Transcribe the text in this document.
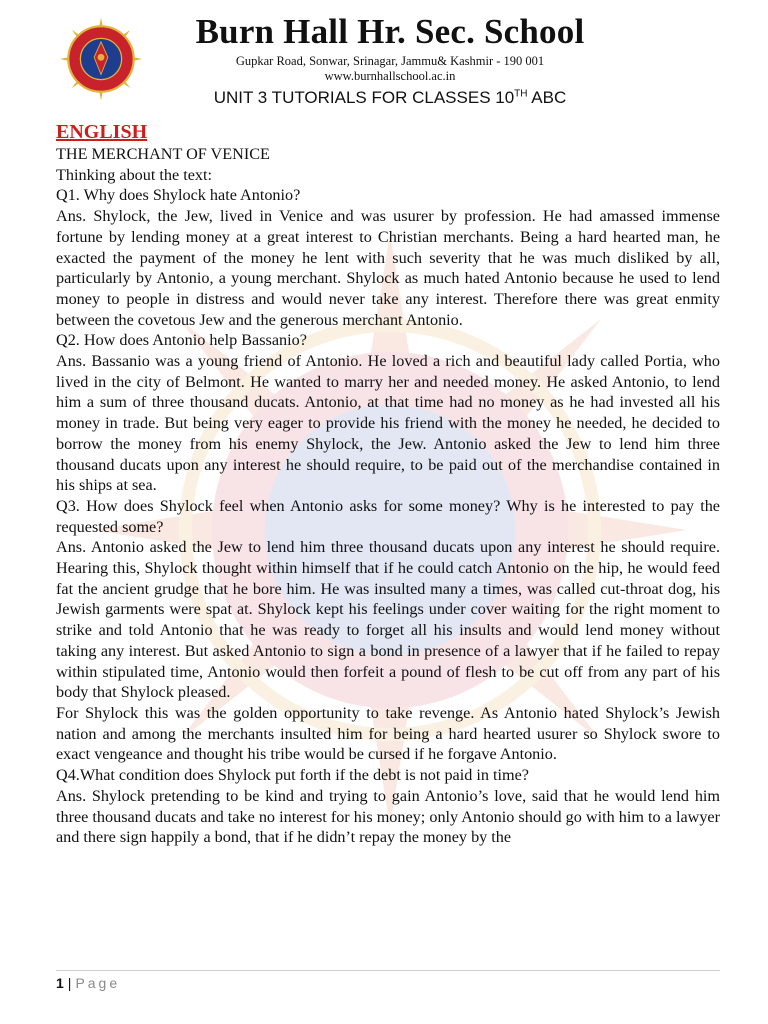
Burn Hall Hr. Sec. School
Gupkar Road, Sonwar, Srinagar, Jammu& Kashmir - 190 001
www.burnhallschool.ac.in
UNIT 3 TUTORIALS FOR CLASSES 10TH ABC

ENGLISH

THE MERCHANT OF VENICE

Thinking about the text:

Q1. Why does Shylock hate Antonio?

Ans. Shylock, the Jew, lived in Venice and was usurer by profession. He had amassed immense fortune by lending money at a great interest to Christian merchants. Being a hard hearted man, he exacted the payment of the money he lent with such severity that he was much disliked by all, particularly by Antonio, a young merchant. Shylock as much hated Antonio because he used to lend money to people in distress and would never take any interest. Therefore there was great enmity between the covetous Jew and the generous merchant Antonio.

Q2. How does Antonio help Bassanio?

Ans. Bassanio was a young friend of Antonio. He loved a rich and beautiful lady called Portia, who lived in the city of Belmont. He wanted to marry her and needed money. He asked Antonio, to lend him a sum of three thousand ducats. Antonio, at that time had no money as he had invested all his money in trade. But being very eager to provide his friend with the money he needed, he decided to borrow the money from his enemy Shylock, the Jew. Antonio asked the Jew to lend him three thousand ducats upon any interest he should require, to be paid out of the merchandise contained in his ships at sea.

Q3. How does Shylock feel when Antonio asks for some money? Why is he interested to pay the requested some?

Ans. Antonio asked the Jew to lend him three thousand ducats upon any interest he should require. Hearing this, Shylock thought within himself that if he could catch Antonio on the hip, he would feed fat the ancient grudge that he bore him. He was insulted many a times, was called cut-throat dog, his Jewish garments were spat at. Shylock kept his feelings under cover waiting for the right moment to strike and told Antonio that he was ready to forget all his insults and would lend money without taking any interest. But asked Antonio to sign a bond in presence of a lawyer that if he failed to repay within stipulated time, Antonio would then forfeit a pound of flesh to be cut off from any part of his body that Shylock pleased.

For Shylock this was the golden opportunity to take revenge. As Antonio hated Shylock’s Jewish nation and among the merchants insulted him for being a hard hearted usurer so Shylock swore to exact vengeance and thought his tribe would be cursed if he forgave Antonio.

Q4.What condition does Shylock put forth if the debt is not paid in time?

Ans. Shylock pretending to be kind and trying to gain Antonio’s love, said that he would lend him three thousand ducats and take no interest for his money; only Antonio should go with him to a lawyer and there sign happily a bond, that if he didn’t repay the money by the

1 | Page
